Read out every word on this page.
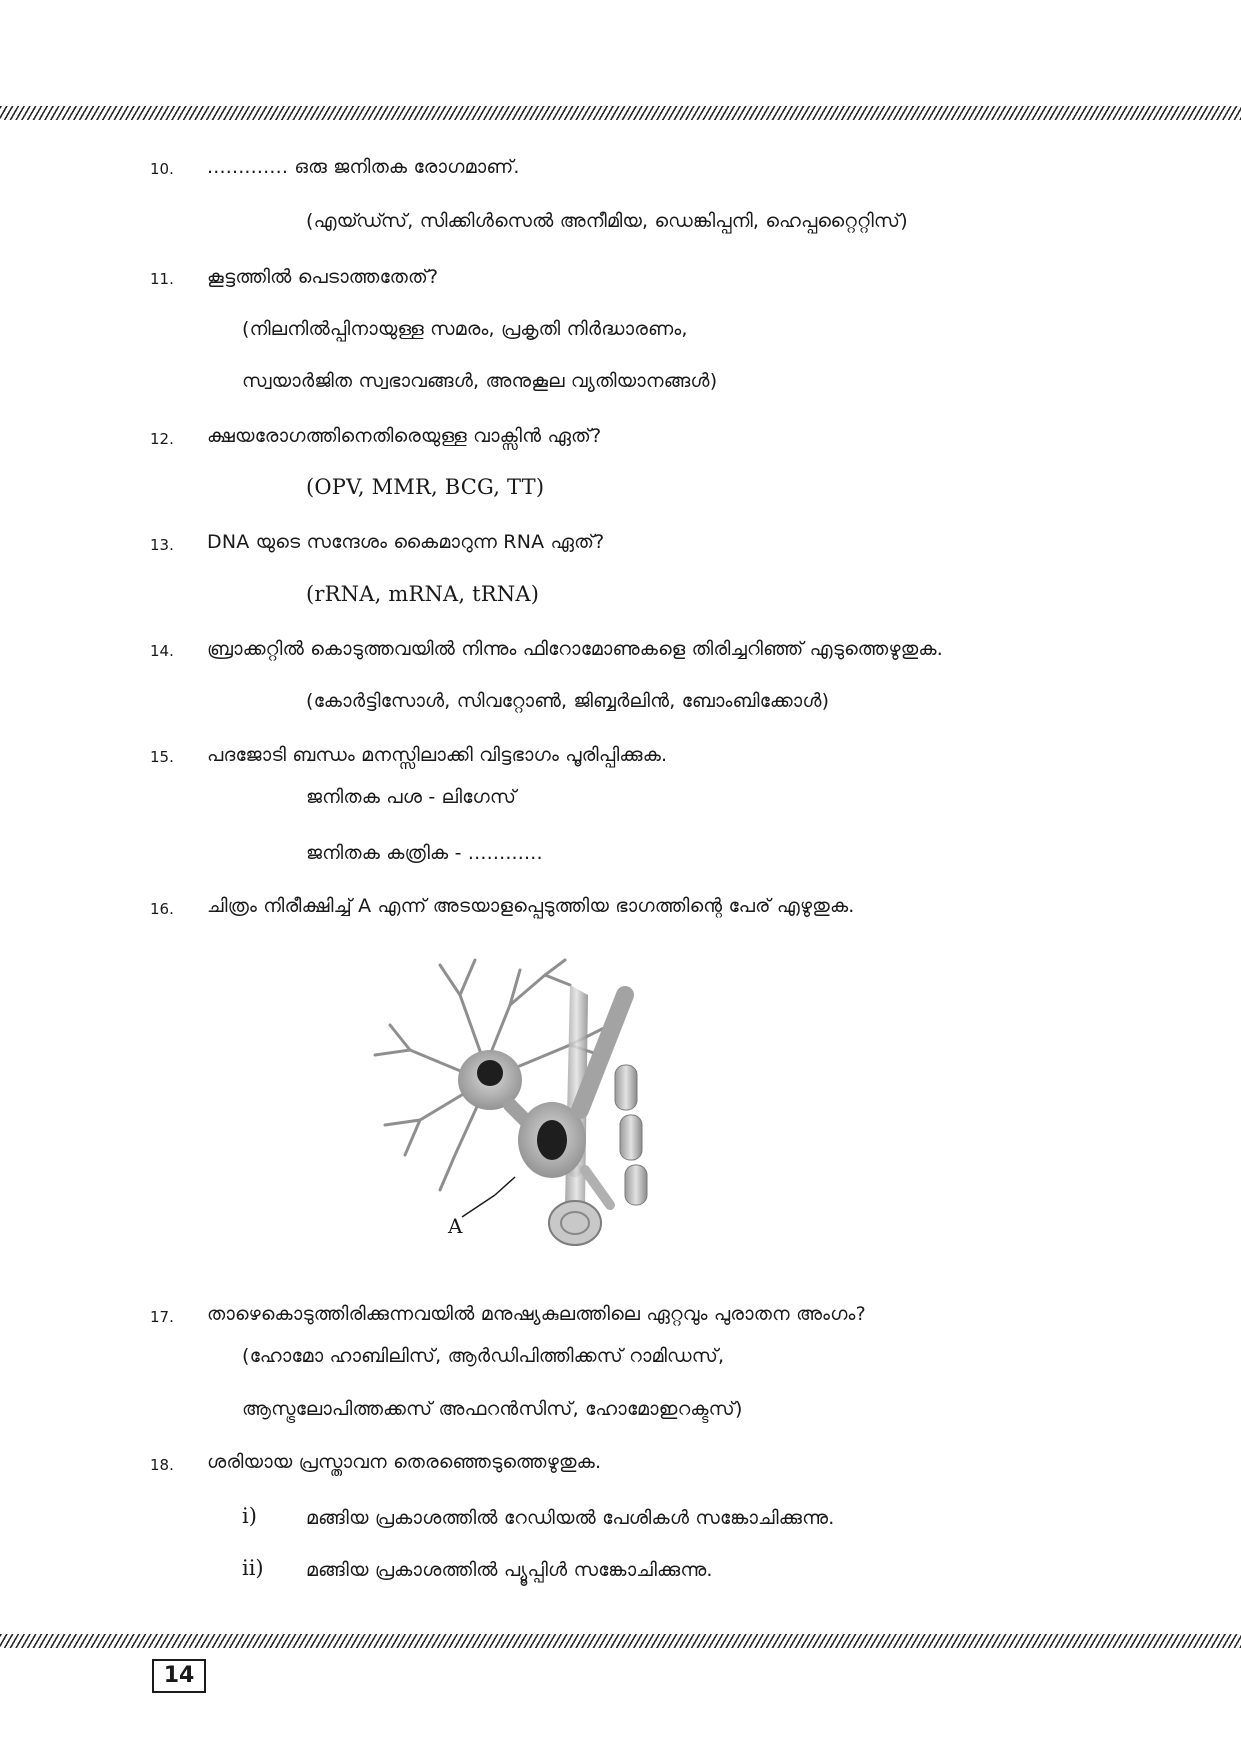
10. ............. ഒരു ജനിതക രോഗമാണ്.
(എയ്ഡ്സ്, സിക്കിൾസെൽ അനീമിയ, ഡെങ്കിപ്പനി, ഹെപ്പറ്റൈറ്റിസ്)
11. കൂട്ടത്തിൽ പെടാത്തതേത്?
(നിലനിൽപ്പിനായുള്ള സമരം, പ്രകൃതി നിർദ്ധാരണം,
സ്വയാർജിത സ്വഭാവങ്ങൾ, അനുകൂല വ്യതിയാനങ്ങൾ)
12. ക്ഷയരോഗത്തിനെതിരെയുള്ള വാക്സിൻ ഏത്?
(OPV, MMR, BCG, TT)
13. DNA യുടെ സന്ദേശം കൈമാറുന്ന RNA ഏത്?
(rRNA, mRNA, tRNA)
14. ബ്രാക്കറ്റിൽ കൊടുത്തവയിൽ നിന്നും ഫിറോമോണുകളെ തിരിച്ചറിഞ്ഞ് എടുത്തെഴുതുക.
(കോർട്ടിസോൾ, സിവറ്റോൺ, ജിബ്ബർലിൻ, ബോംബിക്കോൾ)
15. പദജോടി ബന്ധം മനസ്സിലാക്കി വിട്ടഭാഗം പൂരിപ്പിക്കുക.
ജനിതക പശ - ലിഗേസ്
ജനിതക കത്രിക - ............
16. ചിത്രം നിരീക്ഷിച്ച് A എന്ന് അടയാളപ്പെടുത്തിയ ഭാഗത്തിന്റെ പേര് എഴുതുക.
A
17. താഴെകൊടുത്തിരിക്കുന്നവയിൽ മനുഷ്യകുലത്തിലെ ഏറ്റവും പുരാതന അംഗം?
(ഹോമോ ഹാബിലിസ്, ആർഡിപിത്തിക്കസ് റാമിഡസ്,
ആസ്ട്രലോപിത്തക്കസ് അഫറൻസിസ്, ഹോമോഇറക്ടസ്)
18. ശരിയായ പ്രസ്താവന തെരഞ്ഞെടുത്തെഴുതുക.
i)	മങ്ങിയ പ്രകാശത്തിൽ റേഡിയൽ പേശികൾ സങ്കോചിക്കുന്നു.
ii) മങ്ങിയ പ്രകാശത്തിൽ പ്യൂപ്പിൾ സങ്കോചിക്കുന്നു.
14
